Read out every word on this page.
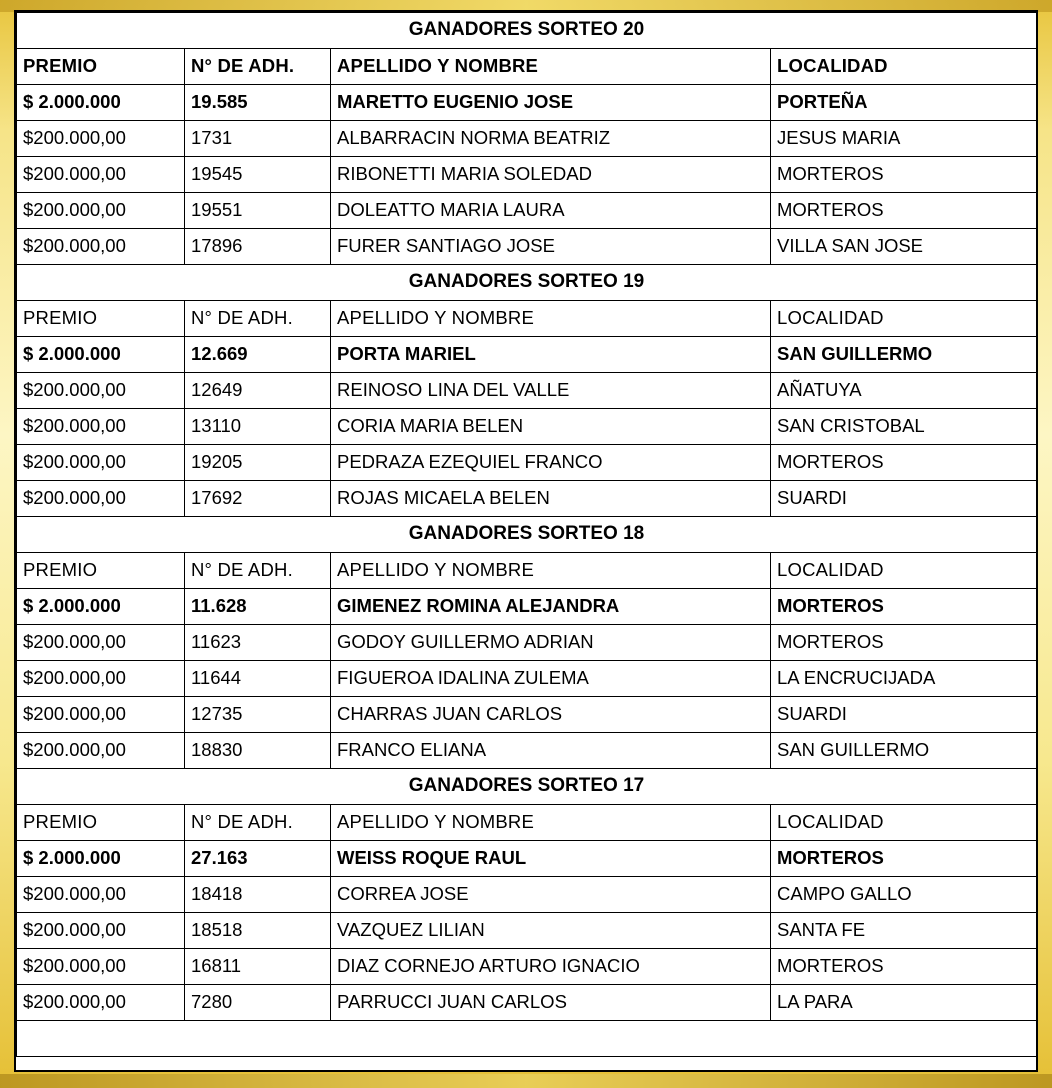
GANADORES SORTEO 20			
PREMIO	N° DE ADH.	APELLIDO Y NOMBRE	LOCALIDAD
$ 2.000.000	19.585	MARETTO EUGENIO JOSE	PORTEÑA
$200.000,00	1731	ALBARRACIN NORMA BEATRIZ	JESUS MARIA
$200.000,00	19545	RIBONETTI MARIA SOLEDAD	MORTEROS
$200.000,00	19551	DOLEATTO MARIA LAURA	MORTEROS
$200.000,00	17896	FURER SANTIAGO JOSE	VILLA SAN JOSE
GANADORES SORTEO 19			
PREMIO	N° DE ADH.	APELLIDO Y NOMBRE	LOCALIDAD
$ 2.000.000	12.669	PORTA MARIEL	SAN GUILLERMO
$200.000,00	12649	REINOSO LINA DEL VALLE	AÑATUYA
$200.000,00	13110	CORIA MARIA BELEN	SAN CRISTOBAL
$200.000,00	19205	PEDRAZA EZEQUIEL FRANCO	MORTEROS
$200.000,00	17692	ROJAS MICAELA BELEN	SUARDI
GANADORES SORTEO 18			
PREMIO	N° DE ADH.	APELLIDO Y NOMBRE	LOCALIDAD
$ 2.000.000	11.628	GIMENEZ ROMINA ALEJANDRA	MORTEROS
$200.000,00	11623	GODOY GUILLERMO ADRIAN	MORTEROS
$200.000,00	11644	FIGUEROA IDALINA ZULEMA	LA ENCRUCIJADA
$200.000,00	12735	CHARRAS JUAN CARLOS	SUARDI
$200.000,00	18830	FRANCO ELIANA	SAN GUILLERMO
GANADORES SORTEO 17			
PREMIO	N° DE ADH.	APELLIDO Y NOMBRE	LOCALIDAD
$ 2.000.000	27.163	WEISS ROQUE RAUL	MORTEROS
$200.000,00	18418	CORREA JOSE	CAMPO GALLO
$200.000,00	18518	VAZQUEZ LILIAN	SANTA FE
$200.000,00	16811	DIAZ CORNEJO ARTURO IGNACIO	MORTEROS
$200.000,00	7280	PARRUCCI JUAN CARLOS	LA PARA
